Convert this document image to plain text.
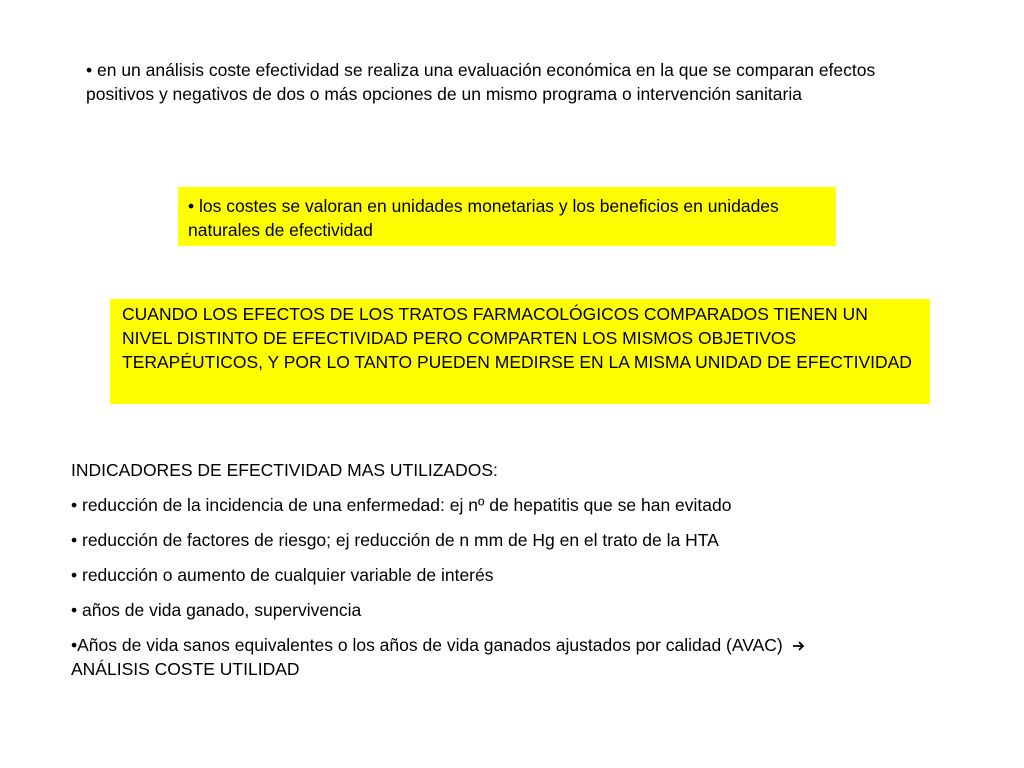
• en un análisis coste efectividad se realiza una evaluación económica en la que se comparan efectos positivos y negativos de dos o más opciones de un mismo programa o intervención sanitaria
• los costes se valoran en unidades monetarias y los beneficios en unidades naturales de efectividad
CUANDO LOS EFECTOS DE LOS TRATOS FARMACOLÓGICOS COMPARADOS TIENEN UN NIVEL DISTINTO DE EFECTIVIDAD PERO COMPARTEN LOS MISMOS OBJETIVOS TERAPÉUTICOS, Y POR LO TANTO PUEDEN MEDIRSE EN LA MISMA UNIDAD DE EFECTIVIDAD
INDICADORES DE EFECTIVIDAD MAS UTILIZADOS:
• reducción de la incidencia de una enfermedad: ej nº de hepatitis que se han evitado
• reducción de factores de riesgo; ej reducción de n mm de Hg en el trato de la HTA
• reducción o aumento de cualquier variable de interés
• años de vida ganado, supervivencia
•Años de vida sanos equivalentes o los años de vida ganados ajustados por calidad (AVAC)
ANÁLISIS COSTE UTILIDAD
